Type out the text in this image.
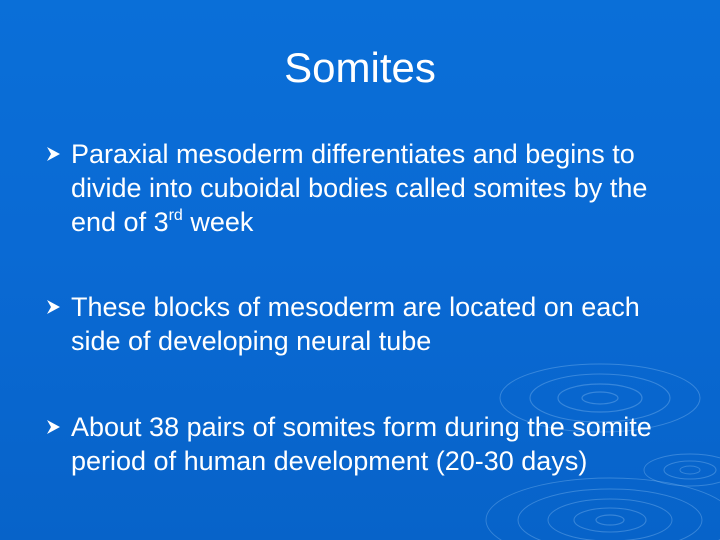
Somites
Paraxial mesoderm differentiates and begins to divide into cuboidal bodies called somites by the end of 3rd week
These blocks of mesoderm are located on each side of developing neural tube
About 38 pairs of somites form during the somite period of human development (20-30 days)
